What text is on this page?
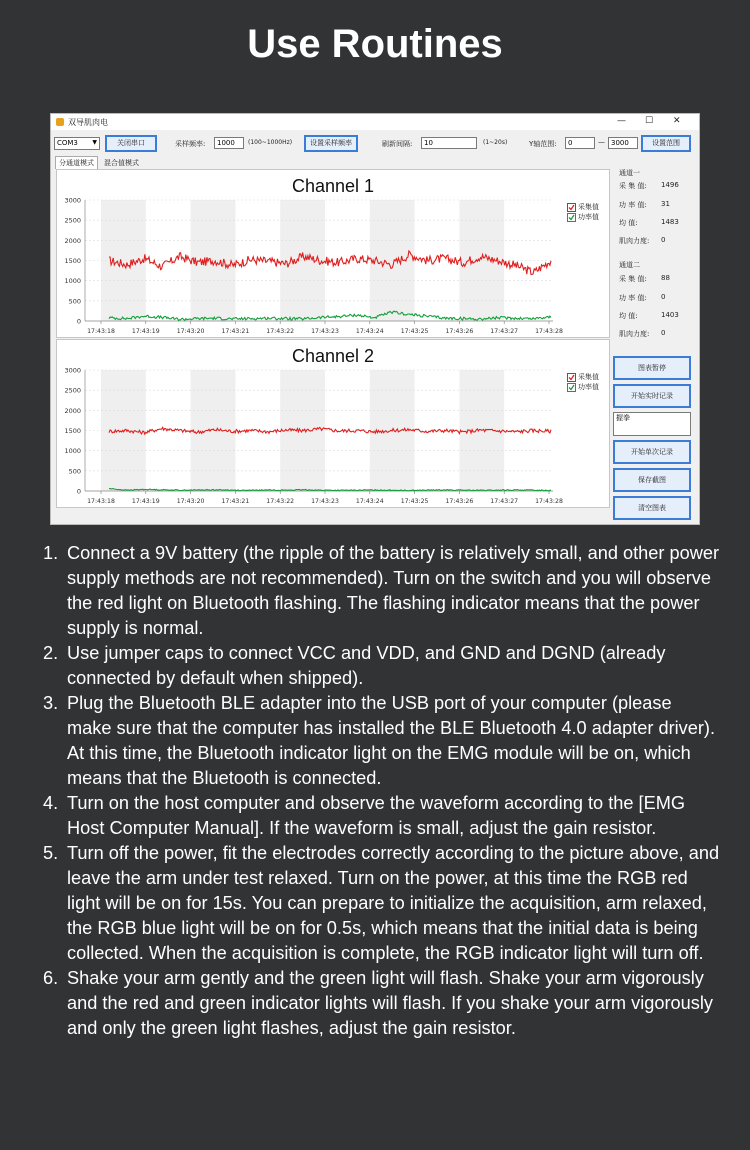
Use Routines
双导肌肉电	— ☐ ✕
COM3 ▼	关闭串口	采样频率:	1000	(100~1000Hz)	设置采样频率	刷新间隔:	10	(1~20s)	Y轴范围:	0	— 3000	设置范围
分通道模式	混合值模式
Channel 1
采集值
功率值
0
500
1000
1500
2000
2500
3000
17:43:18	17:43:19	17:43:20	17:43:21	17:43:22	17:43:23	17:43:24	17:43:25	17:43:26	17:43:27	17:43:28
Channel 2
采集值
功率值
0
500
1000
1500
2000
2500
3000
17:43:18	17:43:19	17:43:20	17:43:21	17:43:22	17:43:23	17:43:24	17:43:25	17:43:26	17:43:27	17:43:28
通道一
采 集 值: 1496
功 率 值: 31
均 值:	1483
肌肉力度: 0
通道二
采 集 值: 88
功 率 值: 0
均 值:	1403
肌肉力度: 0
图表暂停
开始实时记录
握拳
开始单次记录
保存截图
清空图表
1. Connect a 9V battery (the ripple of the battery is relatively small, and other power supply methods are not recommended). Turn on the switch and you will observe the red light on Bluetooth flashing. The flashing indicator means that the power supply is normal.
2. Use jumper caps to connect VCC and VDD, and GND and DGND (already connected by default when shipped).
3. Plug the Bluetooth BLE adapter into the USB port of your computer (please make sure that the computer has installed the BLE Bluetooth 4.0 adapter driver). At this time, the Bluetooth indicator light on the EMG module will be on, which means that the Bluetooth is connected.
4. Turn on the host computer and observe the waveform according to the [EMG Host Computer Manual]. If the waveform is small, adjust the gain resistor.
5. Turn off the power, fit the electrodes correctly according to the picture above, and leave the arm under test relaxed. Turn on the power, at this time the RGB red light will be on for 15s. You can prepare to initialize the acquisition, arm relaxed, the RGB blue light will be on for 0.5s, which means that the initial data is being collected. When the acquisition is complete, the RGB indicator light will turn off.
6. Shake your arm gently and the green light will flash. Shake your arm vigorously and the red and green indicator lights will flash. If you shake your arm vigorously and only the green light flashes, adjust the gain resistor.
